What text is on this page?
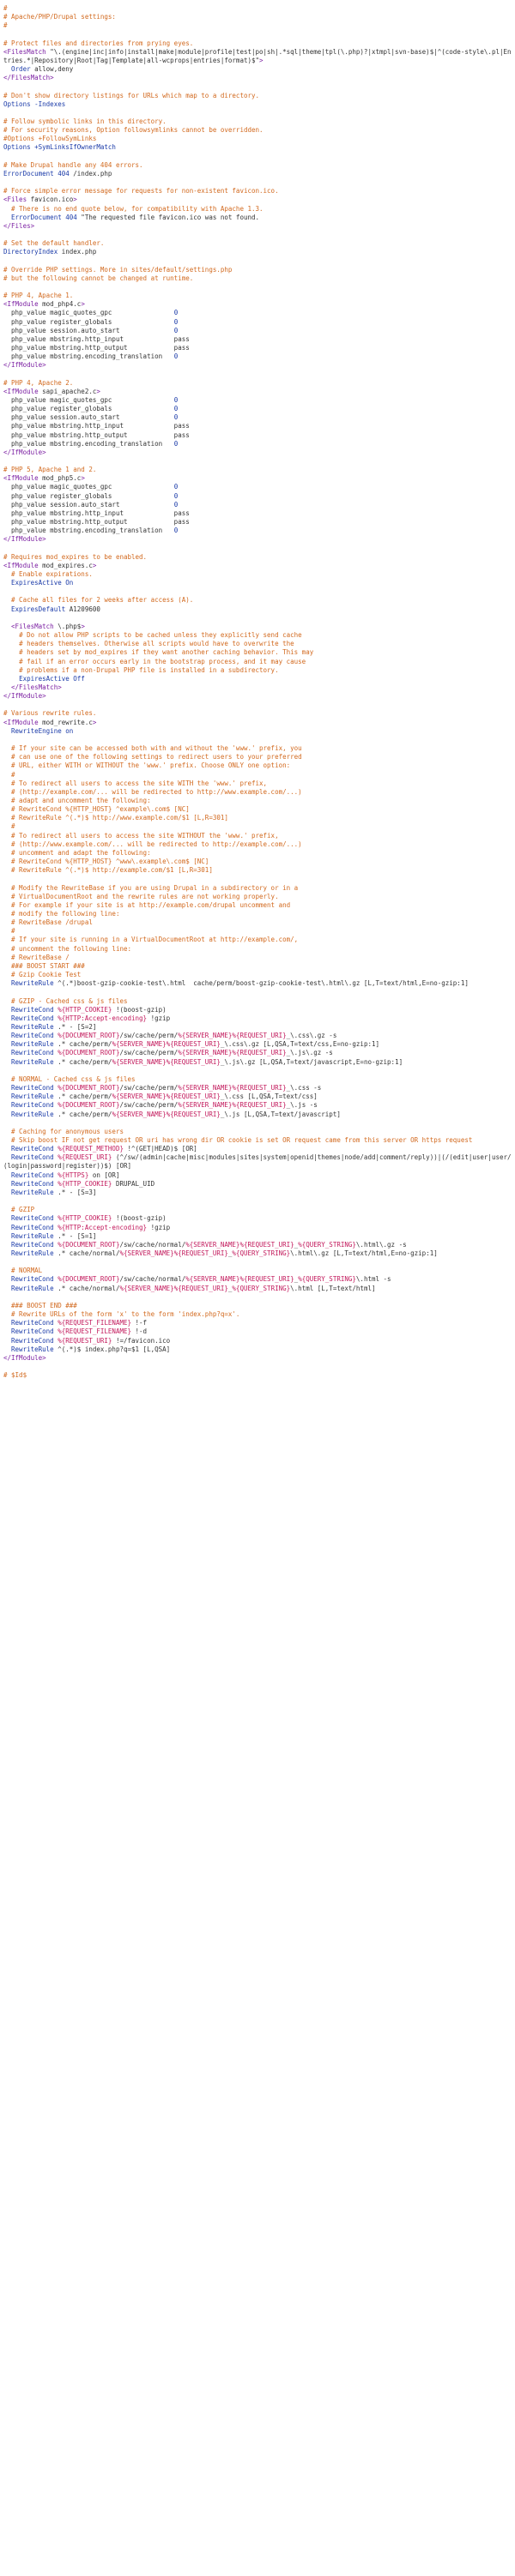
#
# Apache/PHP/Drupal settings:
#
# Protect files and directories from prying eyes.
<FilesMatch "\.(engine|inc|info|install|make|module|profile|test|po|sh|.*sql|theme|tpl(\.php)?|xtmpl|svn-base)$|^(code-style\.pl|Entries.*|Repository|Root|Tag|Template|all-wcprops|entries|format)$">
Order allow,deny
</FilesMatch>
# Don't show directory listings for URLs which map to a directory.
Options -Indexes
# Follow symbolic links in this directory.
# For security reasons, Option followsymlinks cannot be overridden.
#Options +FollowSymLinks
Options +SymLinksIfOwnerMatch
# Make Drupal handle any 404 errors.
ErrorDocument 404 /index.php
# Force simple error message for requests for non-existent favicon.ico.
<Files favicon.ico>
# There is no end quote below, for compatibility with Apache 1.3.
ErrorDocument 404 "The requested file favicon.ico was not found.
</Files>
# Set the default handler.
DirectoryIndex index.php
# Override PHP settings. More in sites/default/settings.php
# but the following cannot be changed at runtime.
# PHP 4, Apache 1.
<IfModule mod_php4.c>
php_value magic_quotes_gpc                0
php_value register_globals                0
php_value session.auto_start              0
php_value mbstring.http_input             pass
php_value mbstring.http_output            pass
php_value mbstring.encoding_translation   0
</IfModule>
# PHP 4, Apache 2.
<IfModule sapi_apache2.c>
php_value magic_quotes_gpc                0
php_value register_globals                0
php_value session.auto_start              0
php_value mbstring.http_input             pass
php_value mbstring.http_output            pass
php_value mbstring.encoding_translation   0
</IfModule>
# PHP 5, Apache 1 and 2.
<IfModule mod_php5.c>
php_value magic_quotes_gpc                0
php_value register_globals                0
php_value session.auto_start              0
php_value mbstring.http_input             pass
php_value mbstring.http_output            pass
php_value mbstring.encoding_translation   0
</IfModule>
# Requires mod_expires to be enabled.
<IfModule mod_expires.c>
# Enable expirations.
ExpiresActive On
# Cache all files for 2 weeks after access (A).
ExpiresDefault A1209600
<FilesMatch \.php$>
# Do not allow PHP scripts to be cached unless they explicitly send cache
# headers themselves. Otherwise all scripts would have to overwrite the
# headers set by mod_expires if they want another caching behavior. This may
# fail if an error occurs early in the bootstrap process, and it may cause
# problems if a non-Drupal PHP file is installed in a subdirectory.
ExpiresActive Off
</FilesMatch>
</IfModule>
# Various rewrite rules.
<IfModule mod_rewrite.c>
RewriteEngine on
# If your site can be accessed both with and without the 'www.' prefix, you
# can use one of the following settings to redirect users to your preferred
# URL, either WITH or WITHOUT the 'www.' prefix. Choose ONLY one option:
#
# To redirect all users to access the site WITH the 'www.' prefix,
# (http://example.com/... will be redirected to http://www.example.com/...)
# adapt and uncomment the following:
# RewriteCond %{HTTP_HOST} ^example\.com$ [NC]
# RewriteRule ^(.*)$ http://www.example.com/$1 [L,R=301]
#
# To redirect all users to access the site WITHOUT the 'www.' prefix,
# (http://www.example.com/... will be redirected to http://example.com/...)
# uncomment and adapt the following:
# RewriteCond %{HTTP_HOST} ^www\.example\.com$ [NC]
# RewriteRule ^(.*)$ http://example.com/$1 [L,R=301]
# Modify the RewriteBase if you are using Drupal in a subdirectory or in a
# VirtualDocumentRoot and the rewrite rules are not working properly.
# For example if your site is at http://example.com/drupal uncomment and
# modify the following line:
# RewriteBase /drupal
#
# If your site is running in a VirtualDocumentRoot at http://example.com/,
# uncomment the following line:
# RewriteBase /
### BOOST START ###
# Gzip Cookie Test
RewriteRule ^(.*)boost-gzip-cookie-test\.html  cache/perm/boost-gzip-cookie-test\.html\.gz [L,T=text/html,E=no-gzip:1]
# GZIP - Cached css & js files
RewriteCond %{HTTP_COOKIE} !(boost-gzip)
RewriteCond %{HTTP:Accept-encoding} !gzip
RewriteRule .* - [S=2]
RewriteCond %{DOCUMENT_ROOT}/sw/cache/perm/%{SERVER_NAME}%{REQUEST_URI}_\.css\.gz -s
RewriteRule .* cache/perm/%{SERVER_NAME}%{REQUEST_URI}_\.css\.gz [L,QSA,T=text/css,E=no-gzip:1]
RewriteCond %{DOCUMENT_ROOT}/sw/cache/perm/%{SERVER_NAME}%{REQUEST_URI}_\.js\.gz -s
RewriteRule .* cache/perm/%{SERVER_NAME}%{REQUEST_URI}_\.js\.gz [L,QSA,T=text/javascript,E=no-gzip:1]
# NORMAL - Cached css & js files
RewriteCond %{DOCUMENT_ROOT}/sw/cache/perm/%{SERVER_NAME}%{REQUEST_URI}_\.css -s
RewriteRule .* cache/perm/%{SERVER_NAME}%{REQUEST_URI}_\.css [L,QSA,T=text/css]
RewriteCond %{DOCUMENT_ROOT}/sw/cache/perm/%{SERVER_NAME}%{REQUEST_URI}_\.js -s
RewriteRule .* cache/perm/%{SERVER_NAME}%{REQUEST_URI}_\.js [L,QSA,T=text/javascript]
# Caching for anonymous users
# Skip boost IF not get request OR uri has wrong dir OR cookie is set OR request came from this server OR https request
RewriteCond %{REQUEST_METHOD} !^(GET|HEAD)$ [OR]
RewriteCond %{REQUEST_URI} (^/sw/(admin|cache|misc|modules|sites|system|openid|themes|node/add|comment/reply))|(/(edit|user|user/(login|password|register))$) [OR]
RewriteCond %{HTTPS} on [OR]
RewriteCond %{HTTP_COOKIE} DRUPAL_UID
RewriteRule .* - [S=3]
# GZIP
RewriteCond %{HTTP_COOKIE} !(boost-gzip)
RewriteCond %{HTTP:Accept-encoding} !gzip
RewriteRule .* - [S=1]
RewriteCond %{DOCUMENT_ROOT}/sw/cache/normal/%{SERVER_NAME}%{REQUEST_URI}_%{QUERY_STRING}\.html\.gz -s
RewriteRule .* cache/normal/%{SERVER_NAME}%{REQUEST_URI}_%{QUERY_STRING}\.html\.gz [L,T=text/html,E=no-gzip:1]
# NORMAL
RewriteCond %{DOCUMENT_ROOT}/sw/cache/normal/%{SERVER_NAME}%{REQUEST_URI}_%{QUERY_STRING}\.html -s
RewriteRule .* cache/normal/%{SERVER_NAME}%{REQUEST_URI}_%{QUERY_STRING}\.html [L,T=text/html]
### BOOST END ###
# Rewrite URLs of the form 'x' to the form 'index.php?q=x'.
RewriteCond %{REQUEST_FILENAME} !-f
RewriteCond %{REQUEST_FILENAME} !-d
RewriteCond %{REQUEST_URI} !=/favicon.ico
RewriteRule ^(.*)$ index.php?q=$1 [L,QSA]
</IfModule>
# $Id$
